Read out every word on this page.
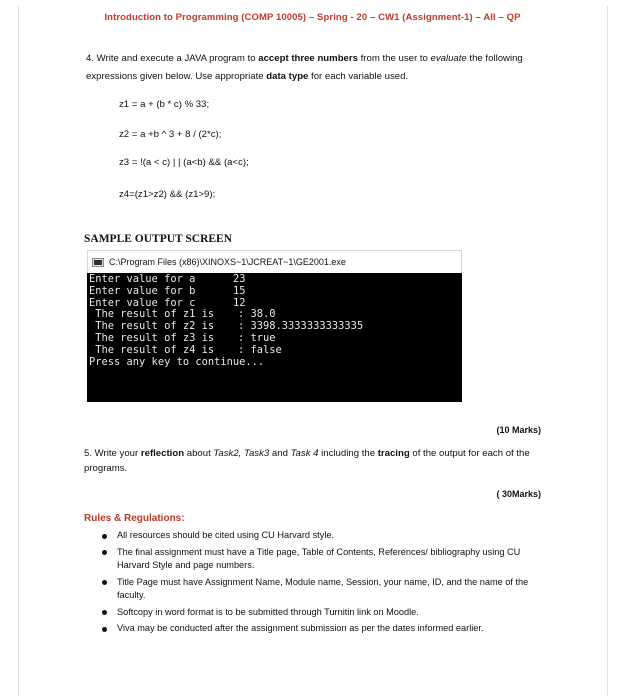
Introduction to Programming (COMP 10005) – Spring - 20 – CW1 (Assignment-1) – All – QP
4. Write and execute a JAVA program to accept three numbers from the user to evaluate the following expressions given below. Use appropriate data type for each variable used.
z1 = a + (b * c) % 33;
z2 = a +b ^ 3 + 8 / (2*c);
z3 = !(a < c) | | (a<b) && (a<c);
z4=(z1>z2) && (z1>9);
SAMPLE OUTPUT SCREEN
C:\Program Files (x86)\XINOXS~1\JCREAT~1\GE2001.exe
Enter value for a	23
Enter value for b	15
Enter value for c	12
The result of z1 is : 38.0
The result of z2 is : 3398.3333333333335
The result of z3 is : true
The result of z4 is : false
Press any key to continue...
(10 Marks)
5. Write your reflection about Task2, Task3 and Task 4 including the tracing of the output for each of the programs.
( 30Marks)
Rules & Regulations:
All resources should be cited using CU Harvard style.
The final assignment must have a Title page, Table of Contents, References/ bibliography using CU Harvard Style and page numbers.
Title Page must have Assignment Name, Module name, Session, your name, ID, and the name of the faculty.
Softcopy in word format is to be submitted through Turnitin link on Moodle.
Viva may be conducted after the assignment submission as per the dates informed earlier.
